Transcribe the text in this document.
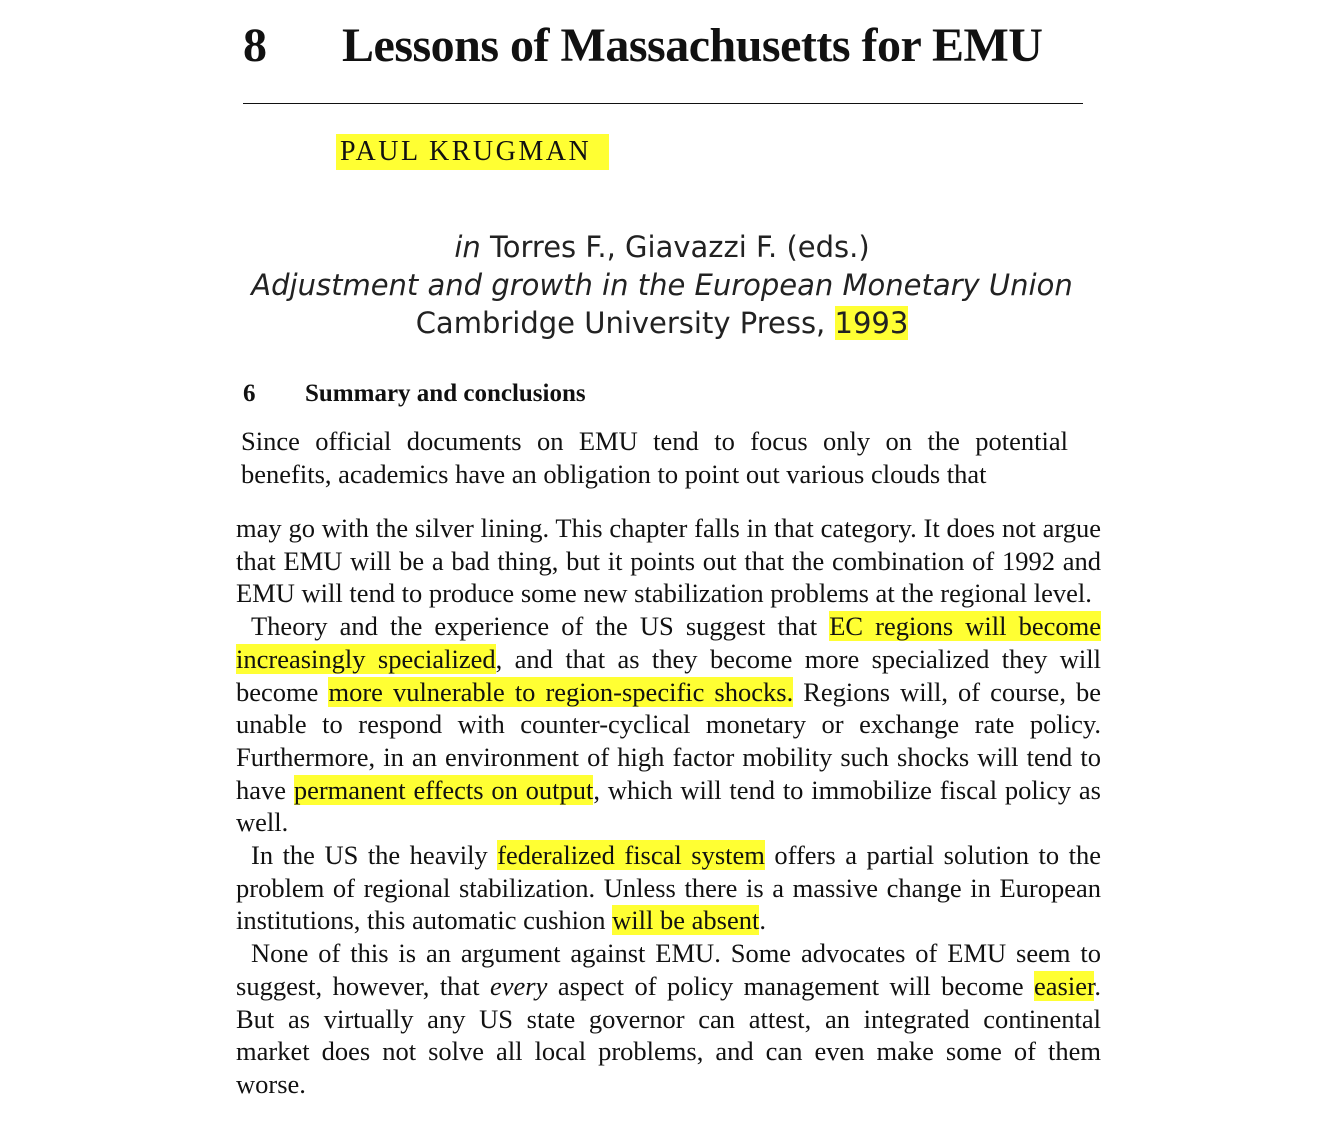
8 Lessons of Massachusetts for EMU
PAUL KRUGMAN
in Torres F., Giavazzi F. (eds.)
Adjustment and growth in the European Monetary Union
Cambridge University Press, 1993
6 Summary and conclusions

Since official documents on EMU tend to focus only on the potential benefits, academics have an obligation to point out various clouds that

may go with the silver lining. This chapter falls in that category. It does not argue that EMU will be a bad thing, but it points out that the combination of 1992 and EMU will tend to produce some new stabilization problems at the regional level.

Theory and the experience of the US suggest that EC regions will become increasingly specialized, and that as they become more specialized they will become more vulnerable to region-specific shocks. Regions will, of course, be unable to respond with counter-cyclical monetary or exchange rate policy. Furthermore, in an environment of high factor mobility such shocks will tend to have permanent effects on output, which will tend to immobilize fiscal policy as well.

In the US the heavily federalized fiscal system offers a partial solution to the problem of regional stabilization. Unless there is a massive change in European institutions, this automatic cushion will be absent.

None of this is an argument against EMU. Some advocates of EMU seem to suggest, however, that every aspect of policy management will become easier. But as virtually any US state governor can attest, an integrated continental market does not solve all local problems, and can even make some of them worse.
